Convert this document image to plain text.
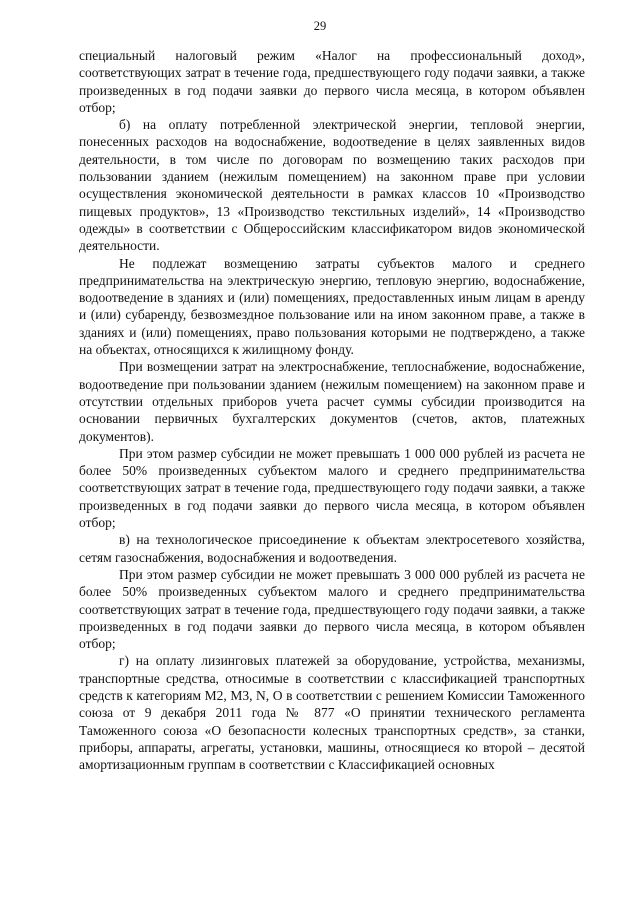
29

специальный налоговый режим «Налог на профессиональный доход», соответствующих затрат в течение года, предшествующего году подачи заявки, а также произведенных в год подачи заявки до первого числа месяца, в котором объявлен отбор;

б) на оплату потребленной электрической энергии, тепловой энергии, понесенных расходов на водоснабжение, водоотведение в целях заявленных видов деятельности, в том числе по договорам по возмещению таких расходов при пользовании зданием (нежилым помещением) на законном праве при условии осуществления экономической деятельности в рамках классов 10 «Производство пищевых продуктов», 13 «Производство текстильных изделий», 14 «Производство одежды» в соответствии с Общероссийским классификатором видов экономической деятельности.

Не подлежат возмещению затраты субъектов малого и среднего предпринимательства на электрическую энергию, тепловую энергию, водоснабжение, водоотведение в зданиях и (или) помещениях, предоставленных иным лицам в аренду и (или) субаренду, безвозмездное пользование или на ином законном праве, а также в зданиях и (или) помещениях, право пользования которыми не подтверждено, а также на объектах, относящихся к жилищному фонду.

При возмещении затрат на электроснабжение, теплоснабжение, водоснабжение, водоотведение при пользовании зданием (нежилым помещением) на законном праве и отсутствии отдельных приборов учета расчет суммы субсидии производится на основании первичных бухгалтерских документов (счетов, актов, платежных документов).

При этом размер субсидии не может превышать 1 000 000 рублей из расчета не более 50% произведенных субъектом малого и среднего предпринимательства соответствующих затрат в течение года, предшествующего году подачи заявки, а также произведенных в год подачи заявки до первого числа месяца, в котором объявлен отбор;

в) на технологическое присоединение к объектам электросетевого хозяйства, сетям газоснабжения, водоснабжения и водоотведения.

При этом размер субсидии не может превышать 3 000 000 рублей из расчета не более 50% произведенных субъектом малого и среднего предпринимательства соответствующих затрат в течение года, предшествующего году подачи заявки, а также произведенных в год подачи заявки до первого числа месяца, в котором объявлен отбор;

г) на оплату лизинговых платежей за оборудование, устройства, механизмы, транспортные средства, относимые в соответствии с классификацией транспортных средств к категориям М2, М3, N, О в соответствии с решением Комиссии Таможенного союза от 9 декабря 2011 года № 877 «О принятии технического регламента Таможенного союза «О безопасности колесных транспортных средств», за станки, приборы, аппараты, агрегаты, установки, машины, относящиеся ко второй – десятой амортизационным группам в соответствии с Классификацией основных
